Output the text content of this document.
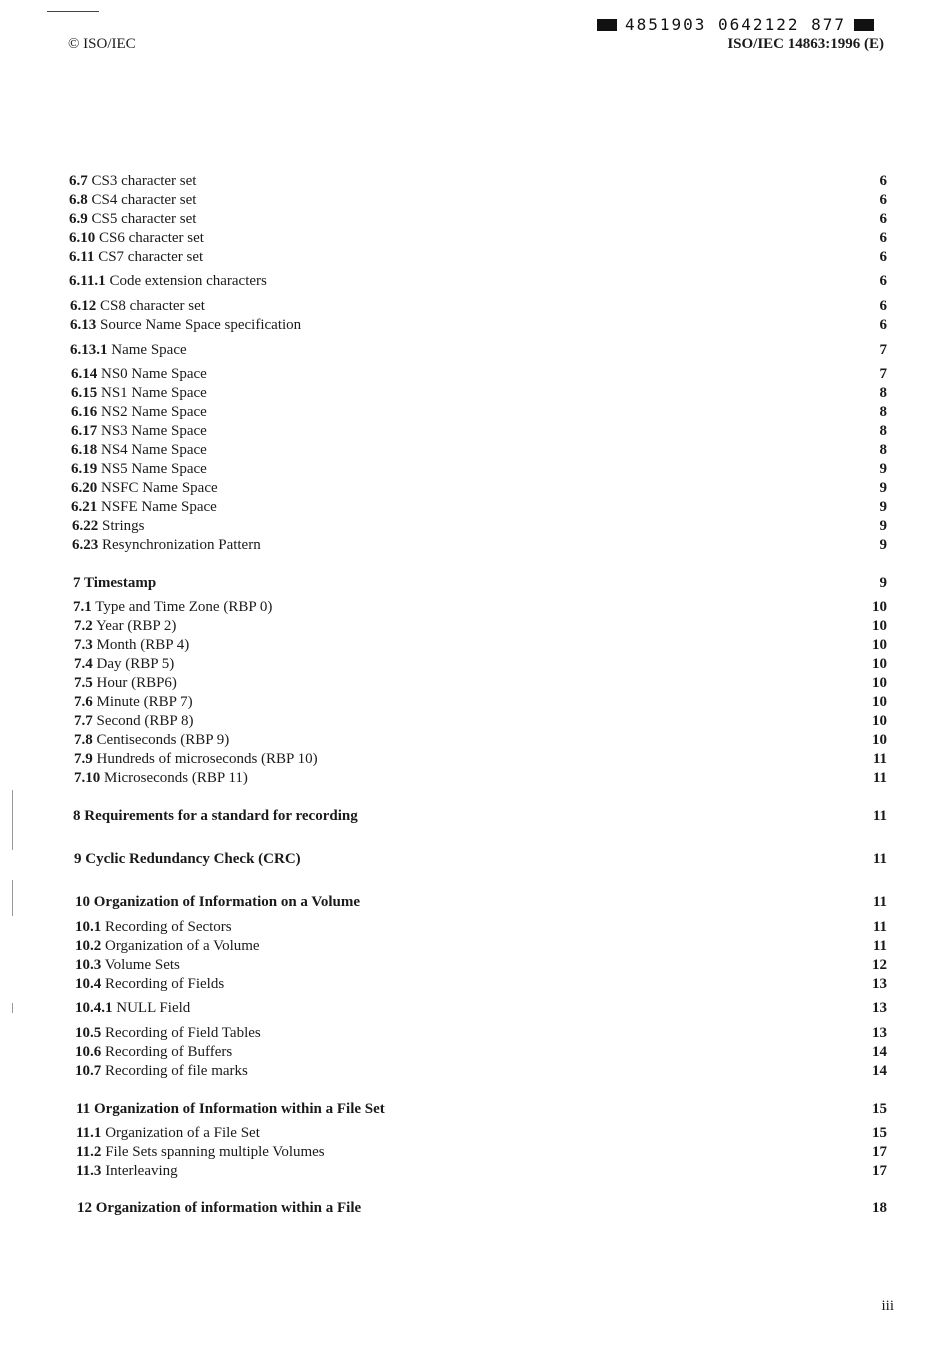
© ISO/IEC
4851903 0642122 877
ISO/IEC 14863:1996 (E)
6.7 CS3 character set	6
6.8 CS4 character set	6
6.9 CS5 character set	6
6.10 CS6 character set	6
6.11 CS7 character set	6
6.11.1 Code extension characters	6
6.12 CS8 character set	6
6.13 Source Name Space specification	6
6.13.1 Name Space	7
6.14 NS0 Name Space	7
6.15 NS1 Name Space	8
6.16 NS2 Name Space	8
6.17 NS3 Name Space	8
6.18 NS4 Name Space	8
6.19 NS5 Name Space	9
6.20 NSFC Name Space	9
6.21 NSFE Name Space	9
6.22 Strings	9
6.23 Resynchronization Pattern	9
7 Timestamp	9
7.1 Type and Time Zone (RBP 0)	10
7.2 Year (RBP 2)	10
7.3 Month (RBP 4)	10
7.4 Day (RBP 5)	10
7.5 Hour (RBP6)	10
7.6 Minute (RBP 7)	10
7.7 Second (RBP 8)	10
7.8 Centiseconds (RBP 9)	10
7.9 Hundreds of microseconds (RBP 10)	11
7.10 Microseconds (RBP 11)	11
8 Requirements for a standard for recording	11
9 Cyclic Redundancy Check (CRC)	11
10 Organization of Information on a Volume	11
10.1 Recording of Sectors	11
10.2 Organization of a Volume	11
10.3 Volume Sets	12
10.4 Recording of Fields	13
10.4.1 NULL Field	13
10.5 Recording of Field Tables	13
10.6 Recording of Buffers	14
10.7 Recording of file marks	14
11 Organization of Information within a File Set	15
11.1 Organization of a File Set	15
11.2 File Sets spanning multiple Volumes	17
11.3 Interleaving	17
12 Organization of information within a File	18
iii
